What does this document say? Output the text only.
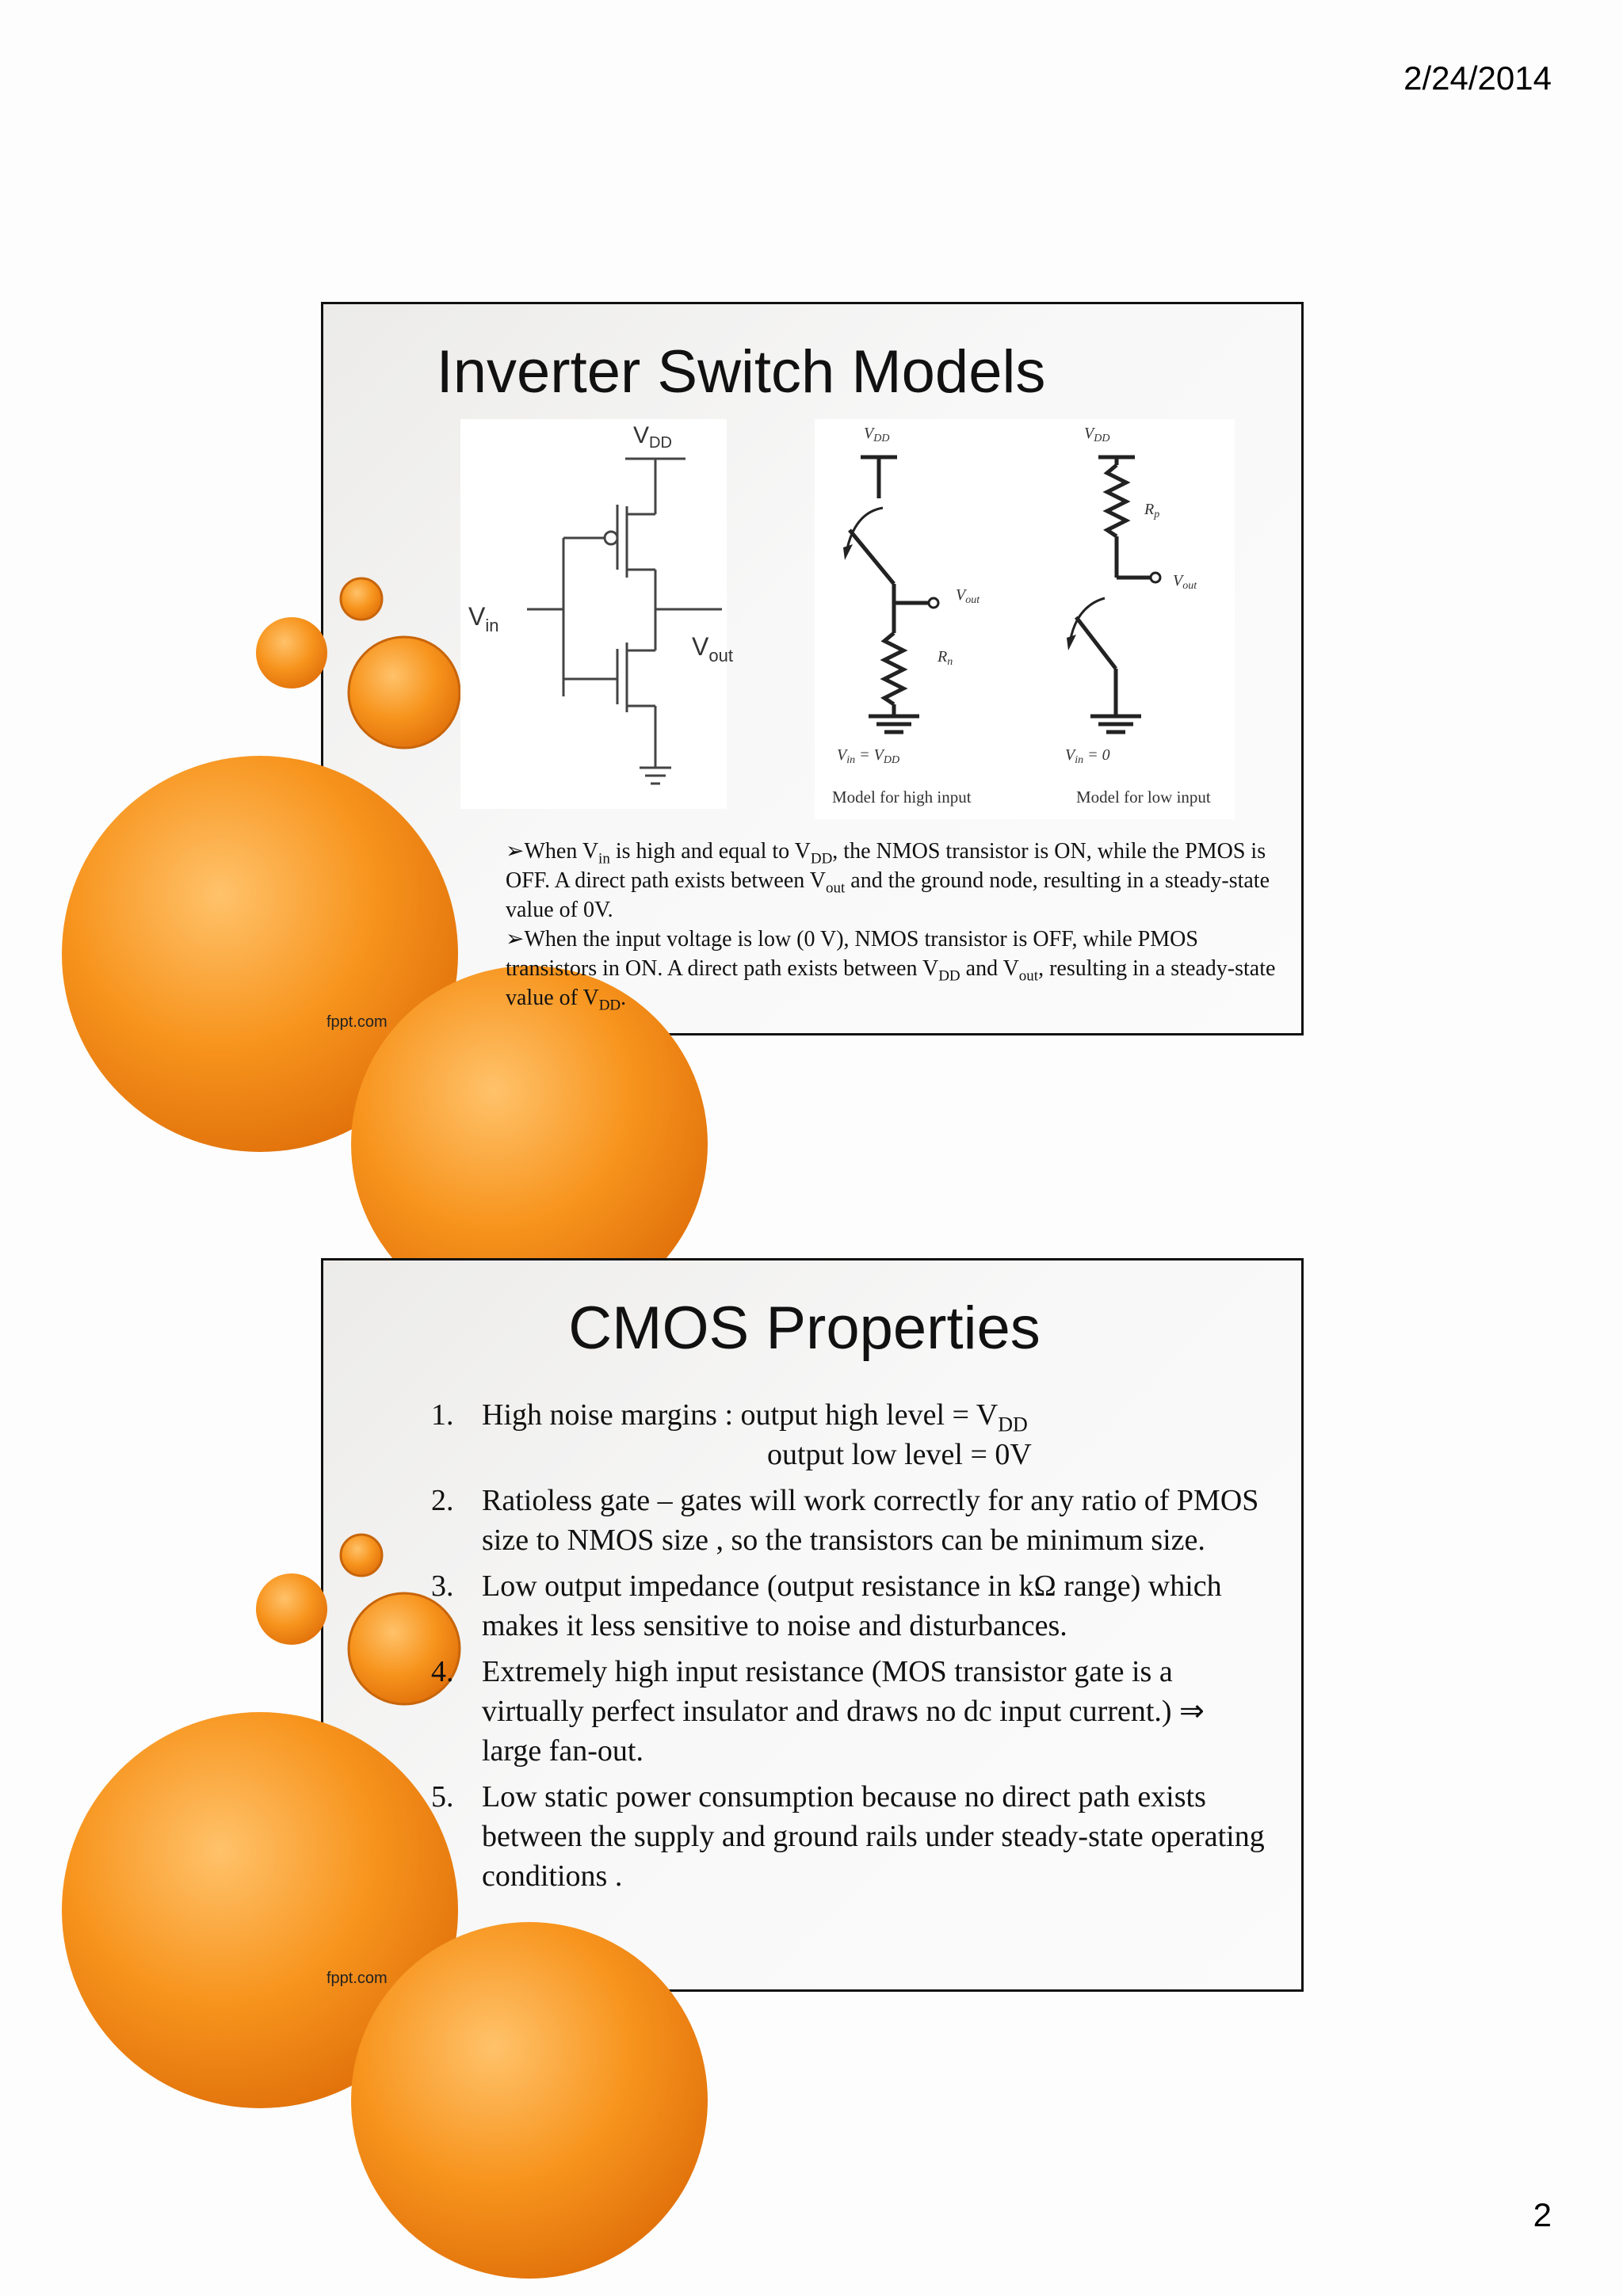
2/24/2014
Inverter Switch Models
$V_{DD}$
$V_{in}$
$V_{out}$
$V_{DD}$
$V_{out}$
$R_n$
$V_{in} = V_{DD}$
Model for high input
$V_{DD}$
$V_{out}$
$R_p$
$V_{in} = 0$
Model for low input

➢When $V_{in}$ is high and equal to $V_{DD}$, the NMOS transistor is ON, while the PMOS is OFF. A direct path exists between $V_{out}$ and the ground node, resulting in a steady-state value of 0V.

➢When the input voltage is low (0 V), NMOS transistor is OFF, while PMOS transistors in ON. A direct path exists between $V_{DD}$ and $V_{out}$, resulting in a steady-state value of $V_{DD}$.

fppt.com
CMOS Properties
1. High noise margins : output high level = $V_{DD}$
output low level = 0V
2. Ratioless gate – gates will work correctly for any ratio of PMOS size to NMOS size , so the transistors can be minimum size.
3. Low output impedance (output resistance in kΩ range) which makes it less sensitive to noise and disturbances.
4. Extremely high input resistance (MOS transistor gate is a virtually perfect insulator and draws no dc input current.) ⇒ large fan-out.
5. Low static power consumption because no direct path exists between the supply and ground rails under steady-state operating conditions .
fppt.com
2
